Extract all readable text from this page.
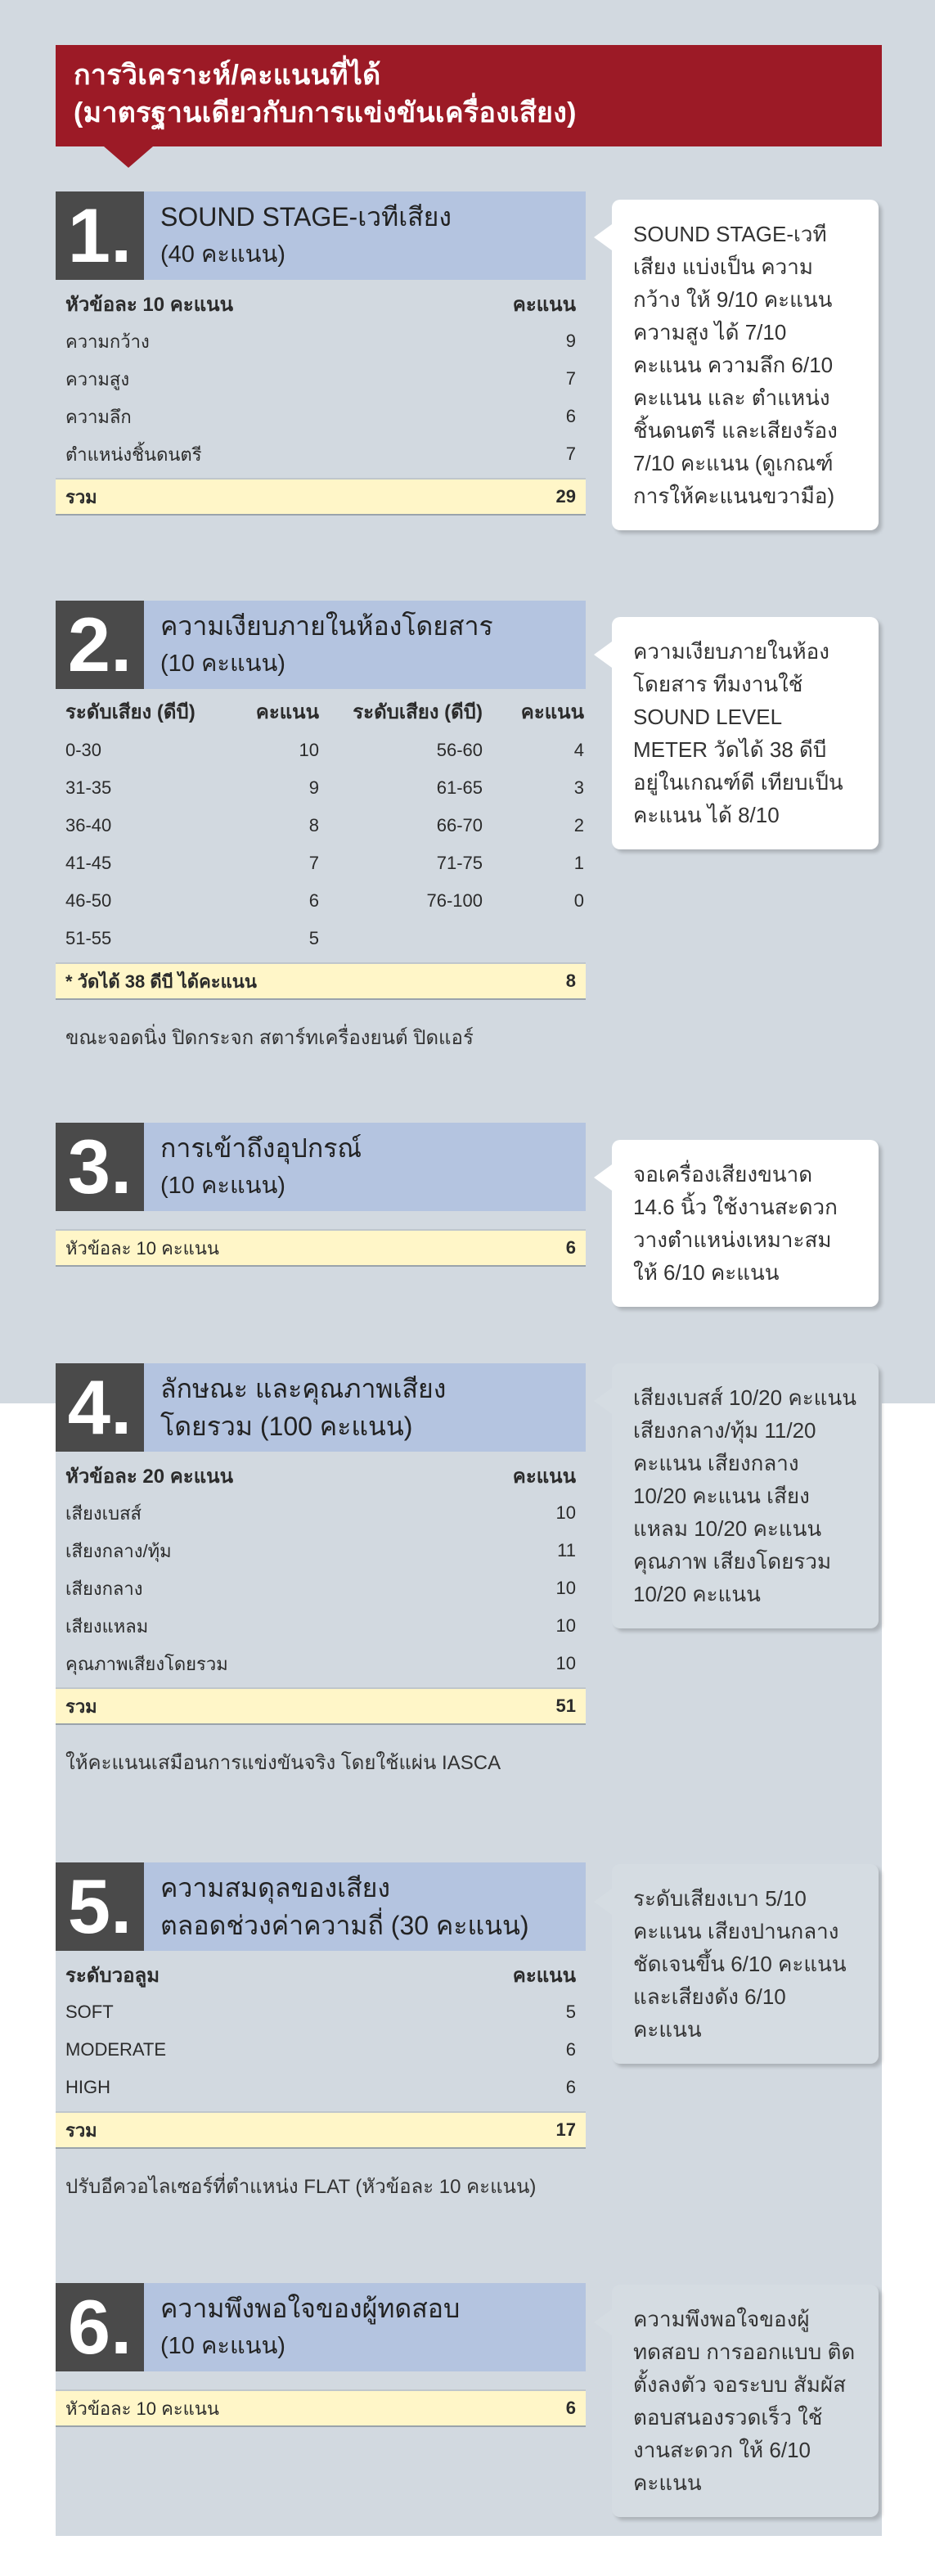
การวิเคราะห์/คะแนนที่ได้
(มาตรฐานเดียวกับการแข่งขันเครื่องเสียง)
1.	SOUND STAGE-เวทีเสียง
(40 คะแนน)
หัวข้อละ 10 คะแนน	คะแนน
ความกว้าง	9
ความสูง	7
ความลึก	6
ตำแหน่งชิ้นดนตรี	7
รวม	29
SOUND STAGE-เวทีเสียง แบ่งเป็น ความกว้าง ให้ 9/10 คะแนน ความสูง ได้ 7/10 คะแนน ความลึก 6/10 คะแนน และ ตำแหน่งชิ้นดนตรี และเสียงร้อง 7/10 คะแนน (ดูเกณฑ์การให้คะแนนขวามือ)
2.	ความเงียบภายในห้องโดยสาร
(10 คะแนน)
ระดับเสียง (ดีบี)	คะแนน	ระดับเสียง (ดีบี)	คะแนน
0-30	10	56-60	4
31-35	9	61-65	3
36-40	8	66-70	2
41-45	7	71-75	1
46-50	6	76-100	0
51-55	5
* วัดได้ 38 ดีบี ได้คะแนน	8
ขณะจอดนิ่ง ปิดกระจก สตาร์ทเครื่องยนต์ ปิดแอร์
ความเงียบภายในห้องโดยสาร ทีมงานใช้ SOUND LEVEL METER วัดได้ 38 ดีบี อยู่ในเกณฑ์ดี เทียบเป็นคะแนน ได้ 8/10
3.	การเข้าถึงอุปกรณ์
(10 คะแนน)
หัวข้อละ 10 คะแนน	6
จอเครื่องเสียงขนาด 14.6 นิ้ว ใช้งานสะดวก วางตำแหน่งเหมาะสม ให้ 6/10 คะแนน
4.	ลักษณะ และคุณภาพเสียง
โดยรวม (100 คะแนน)
หัวข้อละ 20 คะแนน	คะแนน
เสียงเบสส์	10
เสียงกลาง/ทุ้ม	11
เสียงกลาง	10
เสียงแหลม	10
คุณภาพเสียงโดยรวม	10
รวม	51
ให้คะแนนเสมือนการแข่งขันจริง โดยใช้แผ่น IASCA
เสียงเบสส์ 10/20 คะแนน เสียงกลาง/ทุ้ม 11/20 คะแนน เสียงกลาง 10/20 คะแนน เสียงแหลม 10/20 คะแนน คุณภาพ เสียงโดยรวม 10/20 คะแนน
5.	ความสมดุลของเสียง
ตลอดช่วงค่าความถี่ (30 คะแนน)
ระดับวอลูม	คะแนน
SOFT	5
MODERATE	6
HIGH	6
รวม	17
ปรับอีควอไลเซอร์ที่ตำแหน่ง FLAT (หัวข้อละ 10 คะแนน)
ระดับเสียงเบา 5/10 คะแนน เสียงปานกลาง ชัดเจนขึ้น 6/10 คะแนน และเสียงดัง 6/10 คะแนน
6.	ความพึงพอใจของผู้ทดสอบ
(10 คะแนน)
หัวข้อละ 10 คะแนน	6
ความพึงพอใจของผู้ทดสอบ การออกแบบ ติดตั้งลงตัว จอระบบ สัมผัสตอบสนองรวดเร็ว ใช้งานสะดวก ให้ 6/10 คะแนน
